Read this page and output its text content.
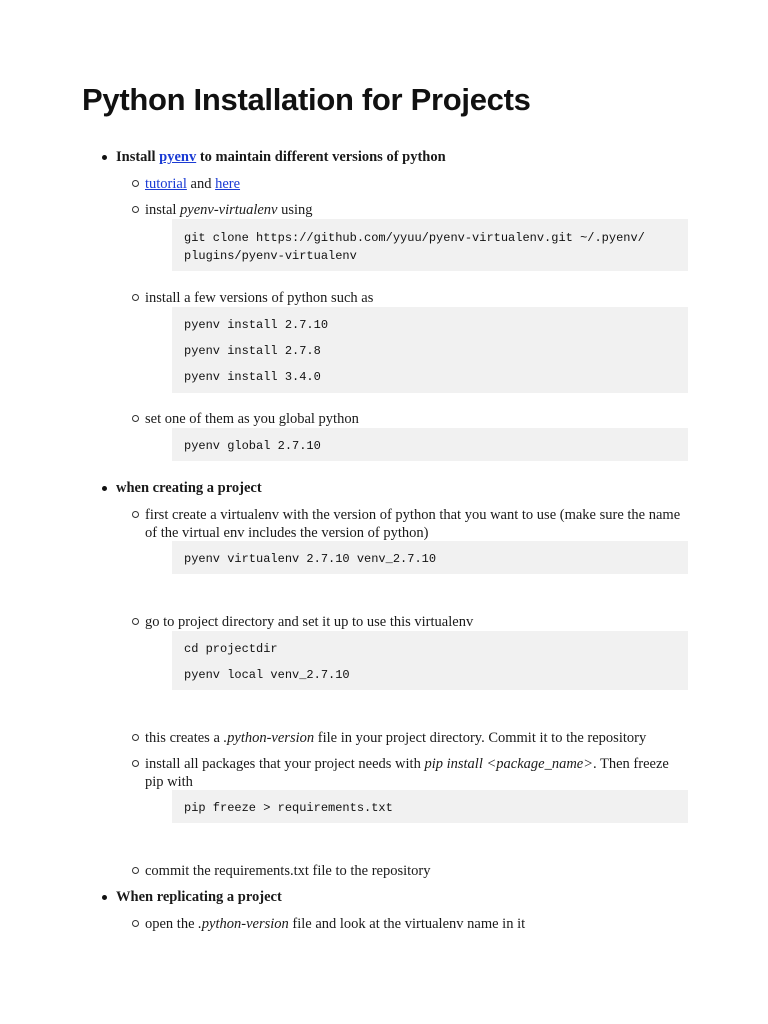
Python Installation for Projects
Install pyenv to maintain different versions of python
tutorial and here
instal pyenv-virtualenv using
git clone https://github.com/yyuu/pyenv-virtualenv.git ~/.pyenv/
plugins/pyenv-virtualenv
install a few versions of python such as
pyenv install 2.7.10
pyenv install 2.7.8
pyenv install 3.4.0
set one of them as you global python
pyenv global 2.7.10
when creating a project
first create a virtualenv with the version of python that you want to use (make sure the name of the virtual env includes the version of python)
pyenv virtualenv 2.7.10 venv_2.7.10
go to project directory and set it up to use this virtualenv
cd projectdir
pyenv local venv_2.7.10
this creates a .python-version file in your project directory. Commit it to the repository
install all packages that your project needs with pip install <package_name>. Then freeze pip with
pip freeze > requirements.txt
commit the requirements.txt file to the repository
When replicating a project
open the .python-version file and look at the virtualenv name in it
